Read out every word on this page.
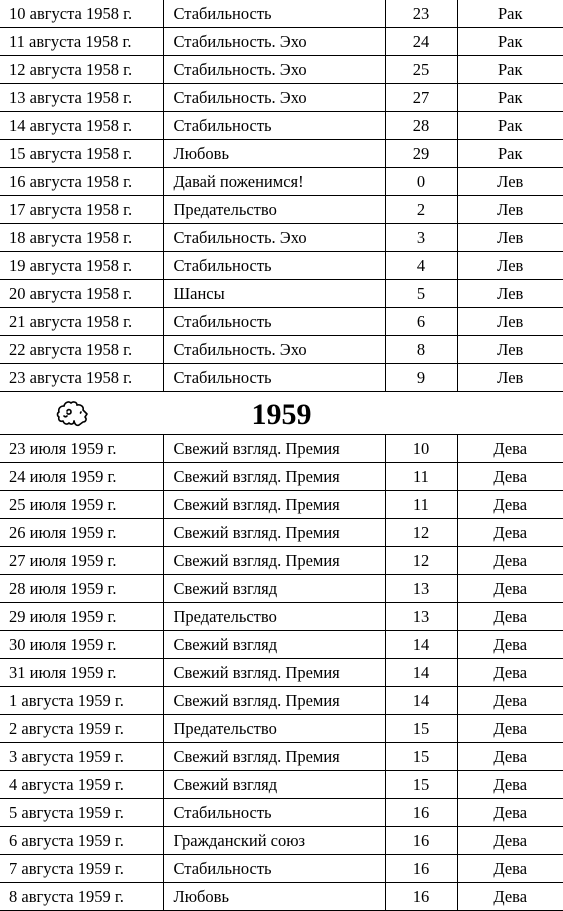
10 августа 1958 г.	Стабильность	23	Рак
11 августа 1958 г.	Стабильность. Эхо	24	Рак
12 августа 1958 г.	Стабильность. Эхо	25	Рак
13 августа 1958 г.	Стабильность. Эхо	27	Рак
14 августа 1958 г.	Стабильность	28	Рак
15 августа 1958 г.	Любовь	29	Рак
16 августа 1958 г.	Давай поженимся!	0	Лев
17 августа 1958 г.	Предательство	2	Лев
18 августа 1958 г.	Стабильность. Эхо	3	Лев
19 августа 1958 г.	Стабильность	4	Лев
20 августа 1958 г.	Шансы	5	Лев
21 августа 1958 г.	Стабильность	6	Лев
22 августа 1958 г.	Стабильность. Эхо	8	Лев
23 августа 1958 г.	Стабильность	9	Лев
1959
23 июля 1959 г.	Свежий взгляд. Премия	10	Дева
24 июля 1959 г.	Свежий взгляд. Премия	11	Дева
25 июля 1959 г.	Свежий взгляд. Премия	11	Дева
26 июля 1959 г.	Свежий взгляд. Премия	12	Дева
27 июля 1959 г.	Свежий взгляд. Премия	12	Дева
28 июля 1959 г.	Свежий взгляд	13	Дева
29 июля 1959 г.	Предательство	13	Дева
30 июля 1959 г.	Свежий взгляд	14	Дева
31 июля 1959 г.	Свежий взгляд. Премия	14	Дева
1 августа 1959 г.	Свежий взгляд. Премия	14	Дева
2 августа 1959 г.	Предательство	15	Дева
3 августа 1959 г.	Свежий взгляд. Премия	15	Дева
4 августа 1959 г.	Свежий взгляд	15	Дева
5 августа 1959 г.	Стабильность	16	Дева
6 августа 1959 г.	Гражданский союз	16	Дева
7 августа 1959 г.	Стабильность	16	Дева
8 августа 1959 г.	Любовь	16	Дева
